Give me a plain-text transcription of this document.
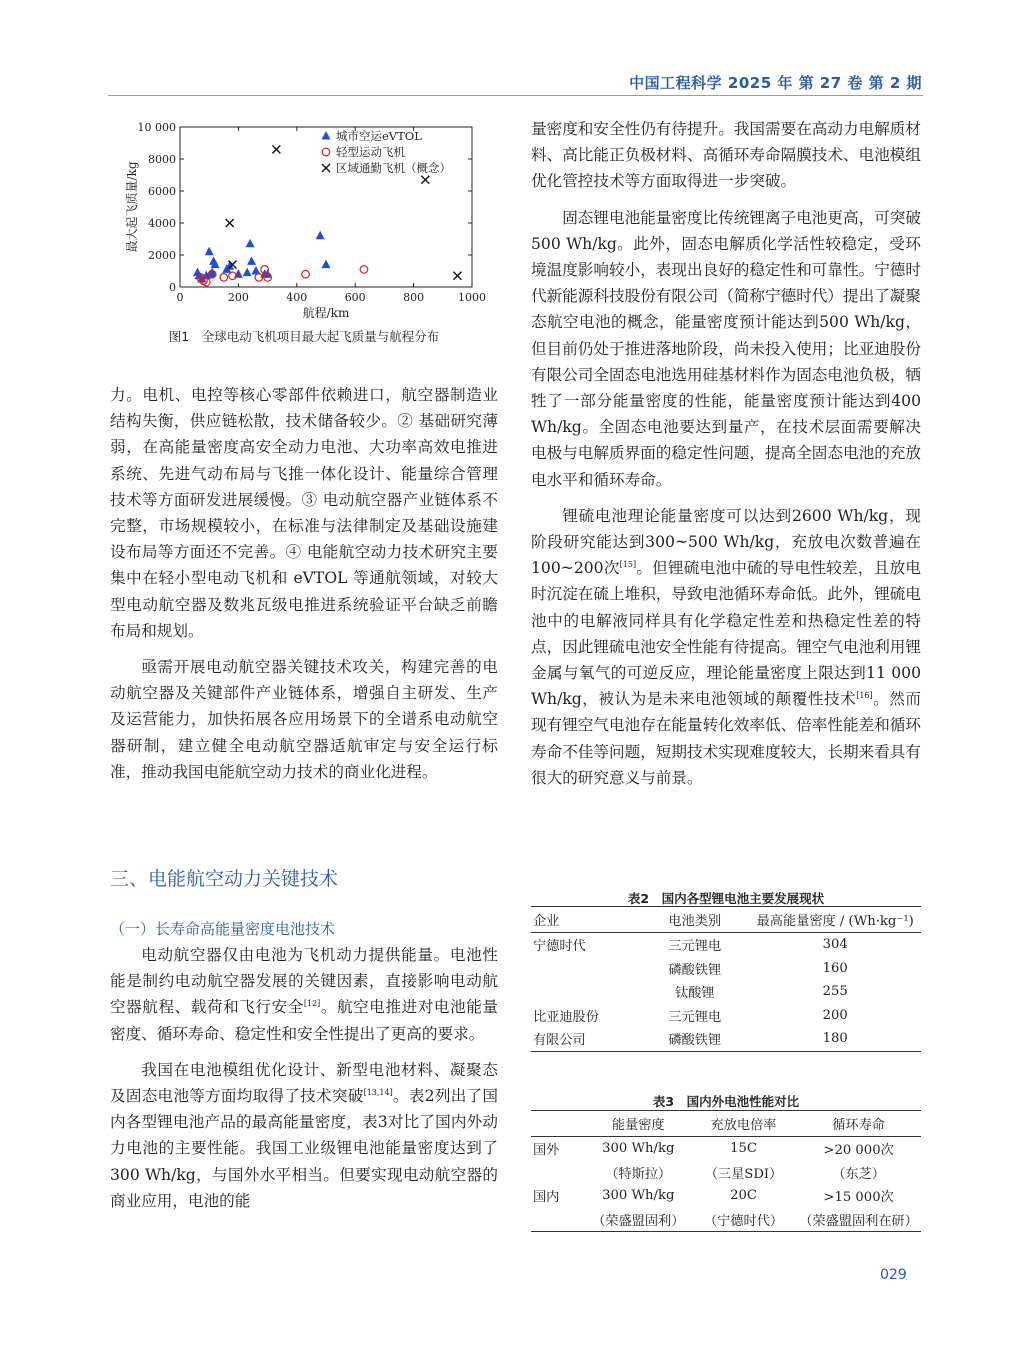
中国工程科学 2025 年 第 27 卷 第 2 期
0	200	400	600	800	1000
0
2000
4000
6000
8000
10 000
航程/km
最大起飞质量/kg
城市空运eVTOL
轻型运动飞机
区域通勤飞机（概念）
图1　全球电动飞机项目最大起飞质量与航程分布

力。电机、电控等核心零部件依赖进口，航空器制造业结构失衡，供应链松散，技术储备较少。② 基础研究薄弱，在高能量密度高安全动力电池、大功率高效电推进系统、先进气动布局与飞推一体化设计、能量综合管理技术等方面研发进展缓慢。③ 电动航空器产业链体系不完整，市场规模较小，在标准与法律制定及基础设施建设布局等方面还不完善。④ 电能航空动力技术研究主要集中在轻小型电动飞机和 eVTOL 等通航领域，对较大型电动航空器及数兆瓦级电推进系统验证平台缺乏前瞻布局和规划。

亟需开展电动航空器关键技术攻关，构建完善的电动航空器及关键部件产业链体系，增强自主研发、生产及运营能力，加快拓展各应用场景下的全谱系电动航空器研制，建立健全电动航空器适航审定与安全运行标准，推动我国电能航空动力技术的商业化进程。

三、电能航空动力关键技术
（一）长寿命高能量密度电池技术

电动航空器仅由电池为飞机动力提供能量。电池性能是制约电动航空器发展的关键因素，直接影响电动航空器航程、载荷和飞行安全[12]。航空电推进对电池能量密度、循环寿命、稳定性和安全性提出了更高的要求。

我国在电池模组优化设计、新型电池材料、凝聚态及固态电池等方面均取得了技术突破[13,14]。表2列出了国内各型锂电池产品的最高能量密度，表3对比了国内外动力电池的主要性能。我国工业级锂电池能量密度达到了300 Wh/kg，与国外水平相当。但要实现电动航空器的商业应用，电池的能

量密度和安全性仍有待提升。我国需要在高动力电解质材料、高比能正负极材料、高循环寿命隔膜技术、电池模组优化管控技术等方面取得进一步突破。

固态锂电池能量密度比传统锂离子电池更高，可突破500 Wh/kg。此外，固态电解质化学活性较稳定，受环境温度影响较小，表现出良好的稳定性和可靠性。宁德时代新能源科技股份有限公司（简称宁德时代）提出了凝聚态航空电池的概念，能量密度预计能达到500 Wh/kg，但目前仍处于推进落地阶段，尚未投入使用；比亚迪股份有限公司全固态电池选用硅基材料作为固态电池负极，牺牲了一部分能量密度的性能，能量密度预计能达到400 Wh/kg。全固态电池要达到量产，在技术层面需要解决电极与电解质界面的稳定性问题，提高全固态电池的充放电水平和循环寿命。

锂硫电池理论能量密度可以达到2600 Wh/kg，现阶段研究能达到300~500 Wh/kg，充放电次数普遍在100~200次[15]。但锂硫电池中硫的导电性较差，且放电时沉淀在硫上堆积，导致电池循环寿命低。此外，锂硫电池中的电解液同样具有化学稳定性差和热稳定性差的特点，因此锂硫电池安全性能有待提高。锂空气电池利用锂金属与氧气的可逆反应，理论能量密度上限达到11 000 Wh/kg，被认为是未来电池领域的颠覆性技术[16]。然而现有锂空气电池存在能量转化效率低、倍率性能差和循环寿命不佳等问题，短期技术实现难度较大，长期来看具有很大的研究意义与前景。

表2　国内各型锂电池主要发展现状
企业	电池类别	最高能量密度 / (Wh·kg⁻¹)
宁德时代	三元锂电	304
	磷酸铁锂	160
	钛酸锂	255
比亚迪股份	三元锂电	200
有限公司	磷酸铁锂	180
表3　国内外电池性能对比
	能量密度	充放电倍率	循环寿命
国外	300 Wh/kg	15C	>20 000次
	（特斯拉）	（三星SDI）	（东芝）
国内	300 Wh/kg	20C	>15 000次
	（荣盛盟固利）	（宁德时代）	（荣盛盟固利在研）
029
